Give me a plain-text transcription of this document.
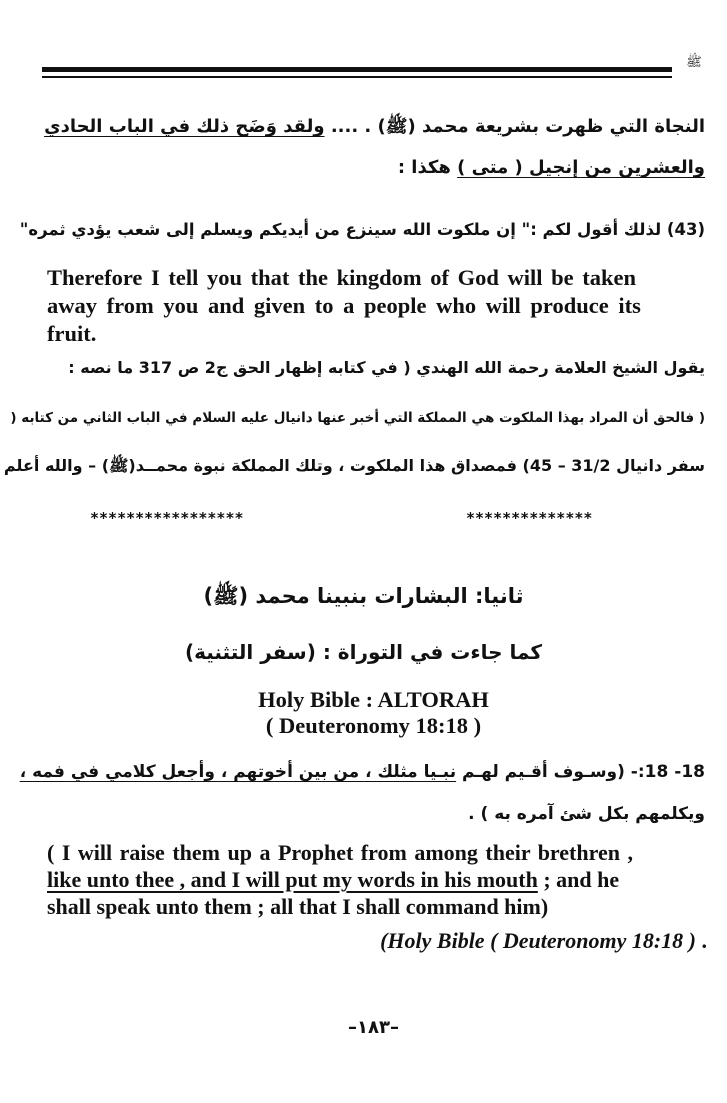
ﷺ
النجاة التي ظهرت بشريعة محمد (ﷺ) . .... ولقد وَضَح ذلك في الباب الحادي
والعشرين من إنجيل ( متى ) هكذا :
(43) لذلك أقول لكم :" إن ملكوت الله سينزع من أيديكم ويسلم إلى شعب يؤدي ثمره"
Therefore I tell you that the kingdom of God will be taken
away from you and given to a people who will produce its
fruit.
يقول الشيخ العلامة رحمة الله الهندي ( في كتابه إظهار الحق ج2 ص 317 ما نصه :
( فالحق أن المراد بهذا الملكوت هي المملكة التي أخبر عنها دانيال عليه السلام في الباب الثاني من كتابه (
سفر دانيال 31/2 – 45) فمصداق هذا الملكوت ، وتلك المملكة نبوة محمــد(ﷺ) – والله أعلم
*****************	**************
ثانيا: البشارات بنبينا محمد (ﷺ)
كما جاءت في التوراة : (سفر التثنية)
Holy Bible : ALTORAH
( Deuteronomy 18:18 )
18- 18:- (وسـوف أقـيم لهـم نبـيا مثلك ، من بين أخوتهم ، وأجعل كلامي في فمه ،
ويكلمهم بكل شئ آمره به ) .
( I will raise them up a Prophet from among their brethren ,
like unto thee , and I will put my words in his mouth ; and he
shall speak unto them ; all that I shall command him)
(Holy Bible ( Deuteronomy 18:18 ) .
–١٨٣–
